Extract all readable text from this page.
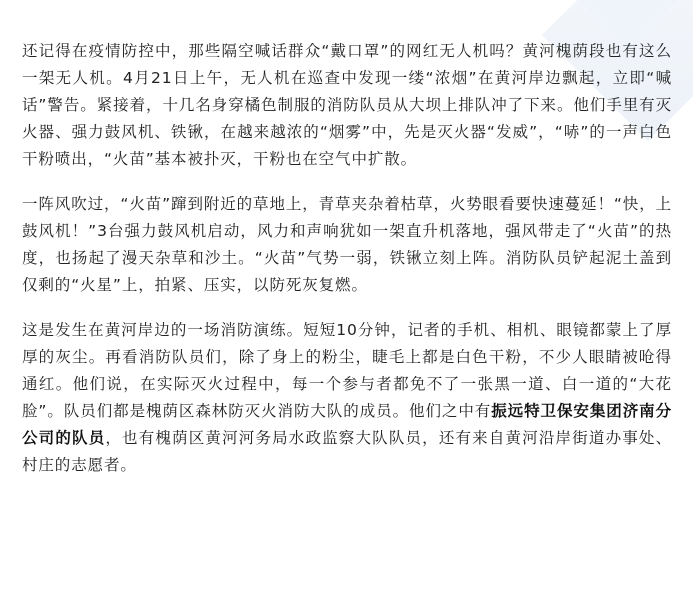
还记得在疫情防控中，那些隔空喊话群众“戴口罩”的网红无人机吗？黄河槐荫段也有这么一架无人机。4月21日上午，无人机在巡查中发现一缕“浓烟”在黄河岸边飘起，立即“喊话”警告。紧接着，十几名身穿橘色制服的消防队员从大坝上排队冲了下来。他们手里有灭火器、强力鼓风机、铁锹，在越来越浓的“烟雾”中，先是灭火器“发威”，“哧”的一声白色干粉喷出，“火苗”基本被扑灭，干粉也在空气中扩散。

一阵风吹过，“火苗”蹿到附近的草地上，青草夹杂着枯草，火势眼看要快速蔓延！“快，上鼓风机！”3台强力鼓风机启动，风力和声响犹如一架直升机落地，强风带走了“火苗”的热度，也扬起了漫天杂草和沙土。“火苗”气势一弱，铁锹立刻上阵。消防队员铲起泥土盖到仅剩的“火星”上，拍紧、压实，以防死灰复燃。

这是发生在黄河岸边的一场消防演练。短短10分钟，记者的手机、相机、眼镜都蒙上了厚厚的灰尘。再看消防队员们，除了身上的粉尘，睫毛上都是白色干粉，不少人眼睛被呛得通红。他们说，在实际灭火过程中，每一个参与者都免不了一张黑一道、白一道的“大花脸”。队员们都是槐荫区森林防灭火消防大队的成员。他们之中有振远特卫保安集团济南分公司的队员，也有槐荫区黄河河务局水政监察大队队员，还有来自黄河沿岸街道办事处、村庄的志愿者。
